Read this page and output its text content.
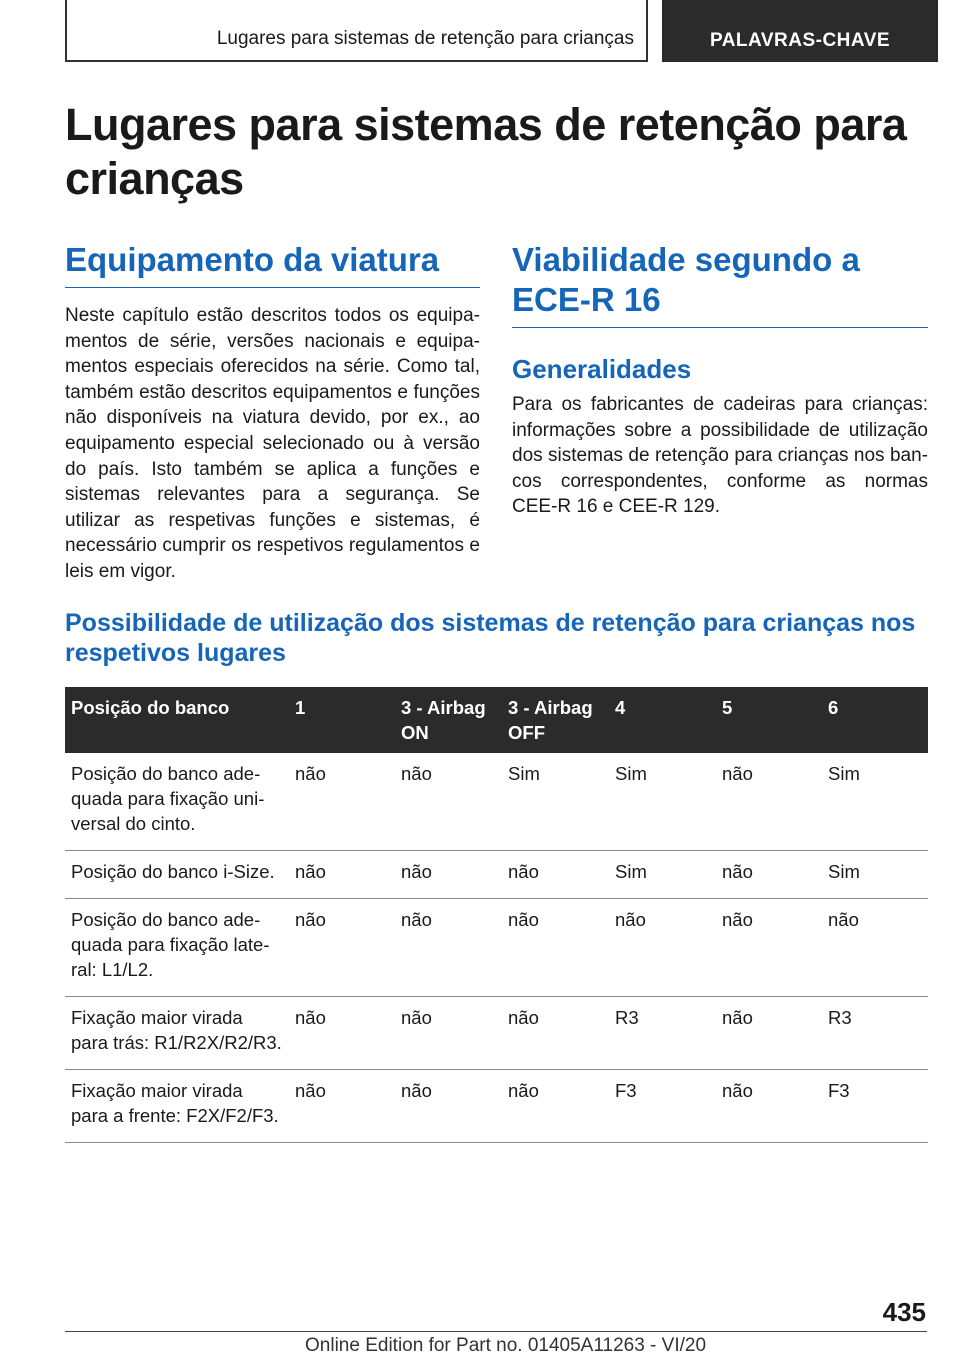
Lugares para sistemas de retenção para crianças	PALAVRAS-CHAVE
Lugares para sistemas de retenção para crianças
Equipamento da viatura

Neste capítulo estão descritos todos os equipamentos de série, versões nacionais e equipamentos especiais oferecidos na série. Como tal, também estão descritos equipamentos e funções não disponíveis na viatura devido, por ex., ao equipamento especial selecionado ou à versão do país. Isto também se aplica a funções e sistemas relevantes para a segurança. Se utilizar as respetivas funções e sistemas, é necessário cumprir os respetivos regulamentos e leis em vigor.

Viabilidade segundo a ECE-R 16
Generalidades

Para os fabricantes de cadeiras para crianças: informações sobre a possibilidade de utilização dos sistemas de retenção para crianças nos bancos correspondentes, conforme as normas CEE-R 16 e CEE-R 129.

Possibilidade de utilização dos sistemas de retenção para crianças nos respetivos lugares
Posição do banco	1	3 - Airbag ON	3 - Airbag OFF	4	5	6
Posição do banco adequada para fixação universal do cinto.	não	não	Sim	Sim	não	Sim
Posição do banco i-Size.	não	não	não	Sim	não	Sim
Posição do banco adequada para fixação lateral: L1/L2.	não	não	não	não	não	não
Fixação maior virada para trás: R1/R2X/R2/R3.	não	não	não	R3	não	R3
Fixação maior virada para a frente: F2X/F2/F3.	não	não	não	F3	não	F3
435
Online Edition for Part no. 01405A11263 - VI/20
